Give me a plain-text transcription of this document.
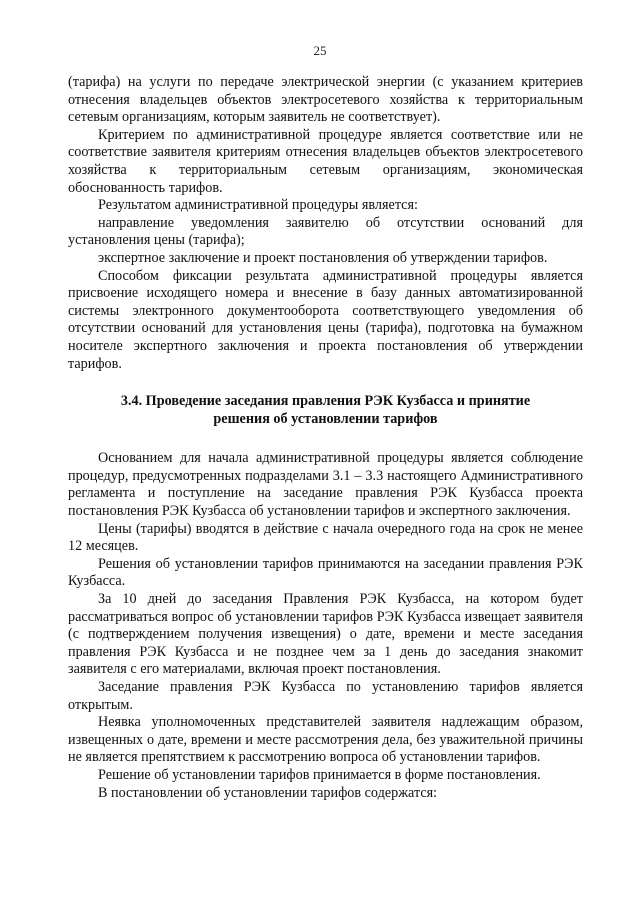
25

(тарифа) на услуги по передаче электрической энергии (с указанием критериев отнесения владельцев объектов электросетевого хозяйства к территориальным сетевым организациям, которым заявитель не соответствует).

Критерием по административной процедуре является соответствие или не соответствие заявителя критериям отнесения владельцев объектов электросетевого хозяйства к территориальным сетевым организациям, экономическая обоснованность тарифов.

Результатом административной процедуры является:

направление уведомления заявителю об отсутствии оснований для установления цены (тарифа);

экспертное заключение и проект постановления об утверждении тарифов.

Способом фиксации результата административной процедуры является присвоение исходящего номера и внесение в базу данных автоматизированной системы электронного документооборота соответствующего уведомления об отсутствии оснований для установления цены (тарифа), подготовка на бумажном носителе экспертного заключения и проекта постановления об утверждении тарифов.

3.4. Проведение заседания правления РЭК Кузбасса и принятие
решения об установлении тарифов

Основанием для начала административной процедуры является соблюдение процедур, предусмотренных подразделами 3.1 – 3.3 настоящего Административного регламента и поступление на заседание правления РЭК Кузбасса проекта постановления РЭК Кузбасса об установлении тарифов и экспертного заключения.

Цены (тарифы) вводятся в действие с начала очередного года на срок не менее 12 месяцев.

Решения об установлении тарифов принимаются на заседании правления РЭК Кузбасса.

За 10 дней до заседания Правления РЭК Кузбасса, на котором будет рассматриваться вопрос об установлении тарифов РЭК Кузбасса извещает заявителя (с подтверждением получения извещения) о дате, времени и месте заседания правления РЭК Кузбасса и не позднее чем за 1 день до заседания знакомит заявителя с его материалами, включая проект постановления.

Заседание правления РЭК Кузбасса по установлению тарифов является открытым.

Неявка уполномоченных представителей заявителя надлежащим образом, извещенных о дате, времени и месте рассмотрения дела, без уважительной причины не является препятствием к рассмотрению вопроса об установлении тарифов.

Решение об установлении тарифов принимается в форме постановления.

В постановлении об установлении тарифов содержатся:
